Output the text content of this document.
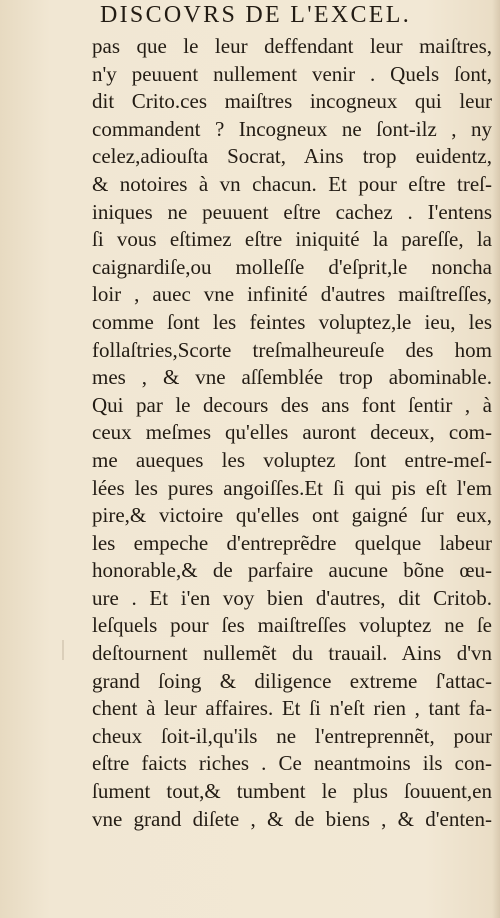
DISCOVRS DE L'EXCEL.
pas que le leur deffendant leur maiſtres,
n'y peuuent nullement venir . Quels ſont,
dit Crito.ces maiſtres incogneux qui leur
commandent ? Incogneux ne ſont-ilz , ny
celez,adiouſta Socrat, Ains trop euidentz,
& notoires à vn chacun. Et pour eſtre treſ-
iniques ne peuuent eſtre cachez . I'entens
ſi vous eſtimez eſtre iniquité la pareſſe, la
caignardiſe,ou molleſſe d'eſprit,le noncha
loir , auec vne infinité d'autres maiſtreſſes,
comme ſont les feintes voluptez,le ieu, les
follaſtries,Scorte treſmalheureuſe des hom
mes , & vne aſſemblée trop abominable.
Qui par le decours des ans font ſentir , à
ceux meſmes qu'elles auront deceux, com-
me aueques les voluptez ſont entre-meſ-
lées les pures angoiſſes.Et ſi qui pis eſt l'em
pire,& victoire qu'elles ont gaigné ſur eux,
les empeche d'entreprẽdre quelque labeur
honorable,& de parfaire aucune bõne œu-
ure . Et i'en voy bien d'autres, dit Critob.
leſquels pour ſes maiſtreſſes voluptez ne ſe
deſtournent nullemẽt du trauail. Ains d'vn
grand ſoing & diligence extreme ſ'attac-
chent à leur affaires. Et ſi n'eſt rien , tant fa-
cheux ſoit-il,qu'ils ne l'entreprennẽt, pour
eſtre faicts riches . Ce neantmoins ils con-
ſument tout,& tumbent le plus ſouuent,en
vne grand diſete , & de biens , & d'enten-
